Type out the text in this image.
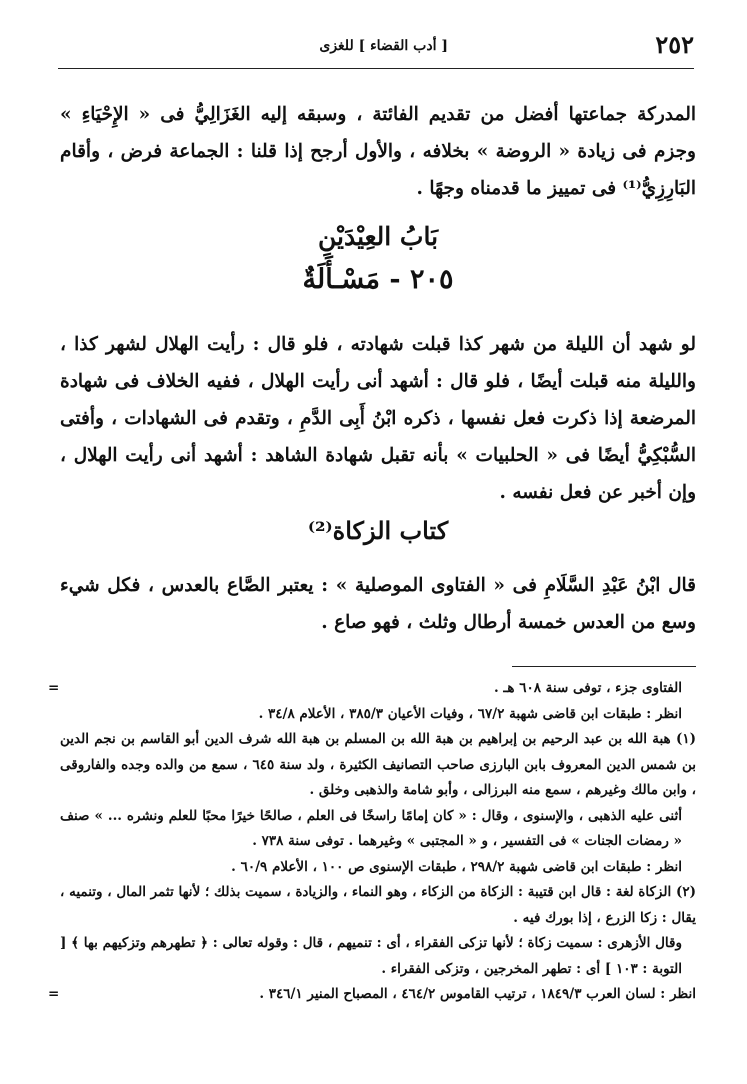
٢٥٢
[ أدب القضاء ] للغزى
المدركة جماعتها أفضل من تقديم الفائتة ، وسبقه إليه الغَزَالِيُّ فى « الإِحْيَاءِ » وجزم فى زيادة « الروضة » بخلافه ، والأول أرجح إذا قلنا : الجماعة فرض ، وأقام البَارِزِيُّ⁽¹⁾ فى تمييز ما قدمناه وجهًا .
بَابُ العِيْدَيْنِ
٢٠٥ - مَسْـأَلَةٌ
لو شهد أن الليلة من شهر كذا قبلت شهادته ، فلو قال : رأيت الهلال لشهر كذا ، والليلة منه قبلت أيضًا ، فلو قال : أشهد أنى رأيت الهلال ، ففيه الخلاف فى شهادة المرضعة إذا ذكرت فعل نفسها ، ذكره ابْنُ أَبِى الدَّمِ ، وتقدم فى الشهادات ، وأفتى السُّبْكِيُّ أيضًا فى « الحلبيات » بأنه تقبل شهادة الشاهد : أشهد أنى رأيت الهلال ، وإن أخبر عن فعل نفسه .
كتاب الزكاة⁽²⁾
قال ابْنُ عَبْدِ السَّلَامِ فى « الفتاوى الموصلية » : يعتبر الصَّاع بالعدس ، فكل شيء وسع من العدس خمسة أرطال وثلث ، فهو صاع .

=	الفتاوى جزء ، توفى سنة ٦٠٨ هـ .

انظر : طبقات ابن قاضى شهبة ٦٧/٢ ، وفيات الأعيان ٣٨٥/٣ ، الأعلام ٣٤/٨ .

(١) هبة الله بن عبد الرحيم بن إبراهيم بن هبة الله بن المسلم بن هبة الله شرف الدين أبو القاسم بن نجم الدين بن شمس الدين المعروف بابن البارزى صاحب التصانيف الكثيرة ، ولد سنة ٦٤٥ ، سمع من والده وجده والفاروقى ، وابن مالك وغيرهم ، سمع منه البرزالى ، وأبو شامة والذهبى وخلق .

أثنى عليه الذهبى ، والإسنوى ، وقال : « كان إمامًا راسخًا فى العلم ، صالحًا خيرًا محبًا للعلم ونشره ... » صنف « رمضات الجنات » فى التفسير ، و « المجتبى » وغيرهما . توفى سنة ٧٣٨ .

انظر : طبقات ابن قاضى شهبة ٢٩٨/٢ ، طبقات الإسنوى ص ١٠٠ ، الأعلام ٦٠/٩ .

(٢) الزكاة لغة : قال ابن قتيبة : الزكاة من الزكاء ، وهو النماء ، والزيادة ، سميت بذلك ؛ لأنها تثمر المال ، وتنميه ، يقال : زكا الزرع ، إذا بورك فيه .

وقال الأزهرى : سميت زكاة ؛ لأنها تزكى الفقراء ، أى : تنميهم ، قال : وقوله تعالى : ﴿ تطهرهم وتزكيهم بها ﴾ [ التوبة : ١٠٣ ] أى : تطهر المخرجين ، وتزكى الفقراء .

انظر : لسان العرب ١٨٤٩/٣ ، ترتيب القاموس ٤٦٤/٢ ، المصباح المنير ٣٤٦/١ .
=
